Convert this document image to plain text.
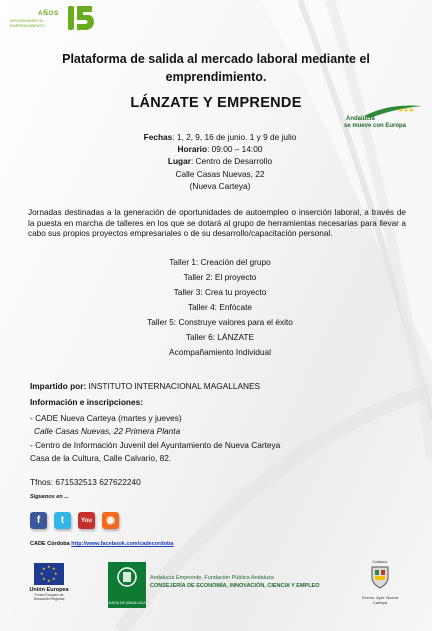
AÑOS
APROXIMANDO EL EMPRENDIMIENTO
Plataforma de salida al mercado laboral mediante el emprendimiento.
LÁNZATE Y EMPRENDE	★★★
Andalucía
se mueve con Europa
Fechas: 1, 2, 9, 16 de junio. 1 y 9 de julio
Horario: 09:00 – 14:00
Lugar: Centro de Desarrollo
Calle Casas Nuevas, 22
(Nueva Carteya)
Jornadas destinadas a la generación de oportunidades de autoempleo o inserción laboral, a través de la puesta en marcha de talleres en los que se dotará al grupo de herramientas necesarias para llevar a cabo sus propios proyectos empresariales o de su desarrollo/capacitación personal.
Taller 1: Creación del grupo
Taller 2: El proyecto
Taller 3: Crea tu proyecto
Taller 4: Enfócate
Taller 5: Construye valores para el éxito
Taller 6: LÁNZATE
Acompañamiento Individual
Impartido por: INSTITUTO INTERNACIONAL MAGALLANES
Información e inscripciones:
- CADE Nueva Carteya (martes y jueves)
Calle Casas Nuevas, 22 Primera Planta
- Centro de Información Juvenil del Ayuntamiento de Nueva Carteya
Casa de la Cultura, Calle Calvario, 82.
Tfnos: 671532513 627622240
Síguenos en ...
f	t	You	◉
CADE Córdoba http://www.facebook.com/cadecordoba
★ ★
★
★
★
★
★
★
Unión Europea
Fondo Europeo de Desarrollo Regional
JUNTA DE ANDALUCIA
Andalucía Emprende, Fundación Pública Andaluza
CONSEJERÍA DE ECONOMÍA, INNOVACIÓN, CIENCIA Y EMPLEO
Colabora:
Excmo. Ayto. Nueva Carteya
